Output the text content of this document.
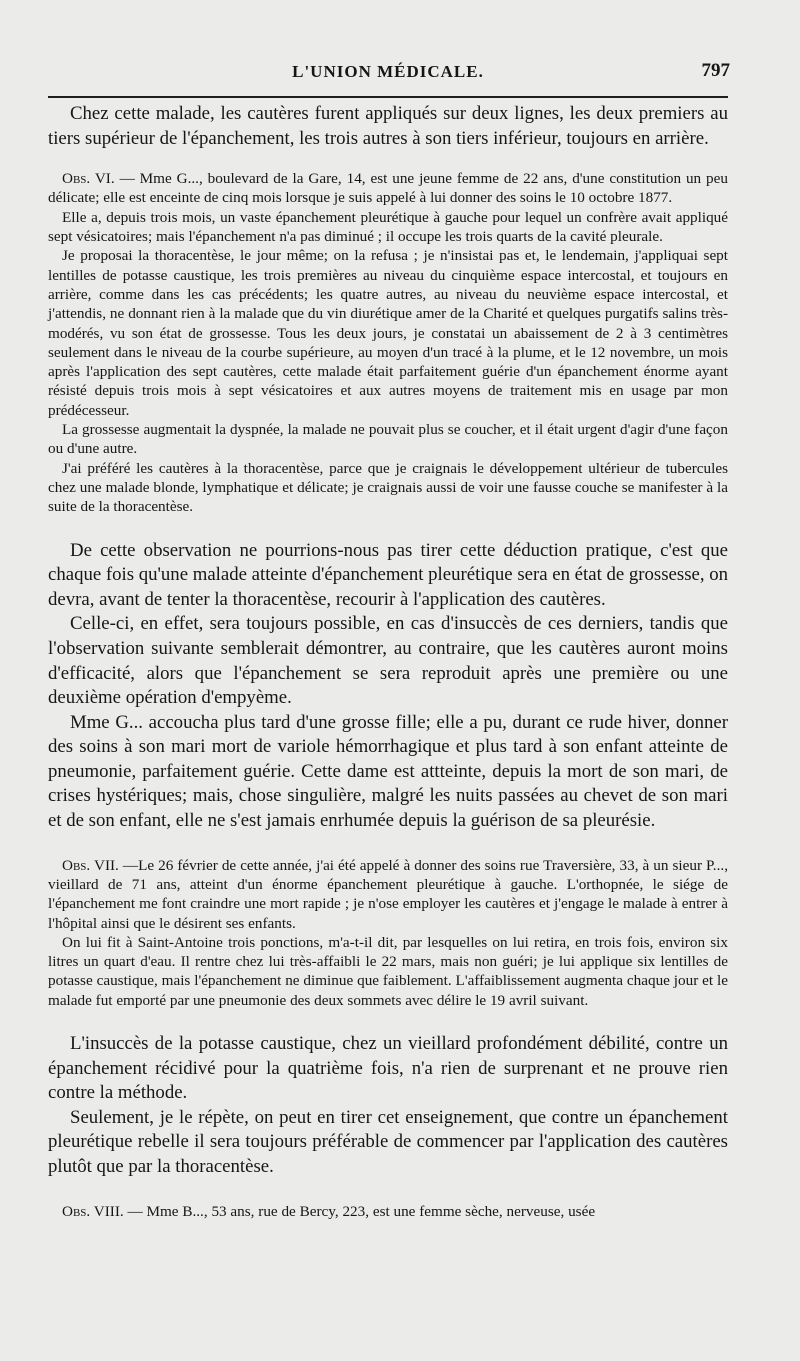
L'UNION MÉDICALE.	797

Chez cette malade, les cautères furent appliqués sur deux lignes, les deux premiers au tiers supérieur de l'épanchement, les trois autres à son tiers inférieur, toujours en arrière.

Obs. VI. — Mme G..., boulevard de la Gare, 14, est une jeune femme de 22 ans, d'une constitution un peu délicate; elle est enceinte de cinq mois lorsque je suis appelé à lui donner des soins le 10 octobre 1877.

Elle a, depuis trois mois, un vaste épanchement pleurétique à gauche pour lequel un confrère avait appliqué sept vésicatoires; mais l'épanchement n'a pas diminué ; il occupe les trois quarts de la cavité pleurale.

Je proposai la thoracentèse, le jour même; on la refusa ; je n'insistai pas et, le lendemain, j'appliquai sept lentilles de potasse caustique, les trois premières au niveau du cinquième espace intercostal, et toujours en arrière, comme dans les cas précédents; les quatre autres, au niveau du neuvième espace intercostal, et j'attendis, ne donnant rien à la malade que du vin diurétique amer de la Charité et quelques purgatifs salins très-modérés, vu son état de grossesse. Tous les deux jours, je constatai un abaissement de 2 à 3 centimètres seulement dans le niveau de la courbe supérieure, au moyen d'un tracé à la plume, et le 12 novembre, un mois après l'application des sept cautères, cette malade était parfaitement guérie d'un épanchement énorme ayant résisté depuis trois mois à sept vésicatoires et aux autres moyens de traitement mis en usage par mon prédécesseur.

La grossesse augmentait la dyspnée, la malade ne pouvait plus se coucher, et il était urgent d'agir d'une façon ou d'une autre.

J'ai préféré les cautères à la thoracentèse, parce que je craignais le développement ultérieur de tubercules chez une malade blonde, lymphatique et délicate; je craignais aussi de voir une fausse couche se manifester à la suite de la thoracentèse.

De cette observation ne pourrions-nous pas tirer cette déduction pratique, c'est que chaque fois qu'une malade atteinte d'épanchement pleurétique sera en état de grossesse, on devra, avant de tenter la thoracentèse, recourir à l'application des cautères.

Celle-ci, en effet, sera toujours possible, en cas d'insuccès de ces derniers, tandis que l'observation suivante semblerait démontrer, au contraire, que les cautères auront moins d'efficacité, alors que l'épanchement se sera reproduit après une première ou une deuxième opération d'empyème.

Mme G... accoucha plus tard d'une grosse fille; elle a pu, durant ce rude hiver, donner des soins à son mari mort de variole hémorrhagique et plus tard à son enfant atteinte de pneumonie, parfaitement guérie. Cette dame est attteinte, depuis la mort de son mari, de crises hystériques; mais, chose singulière, malgré les nuits passées au chevet de son mari et de son enfant, elle ne s'est jamais enrhumée depuis la guérison de sa pleurésie.

Obs. VII. —Le 26 février de cette année, j'ai été appelé à donner des soins rue Traversière, 33, à un sieur P..., vieillard de 71 ans, atteint d'un énorme épanchement pleurétique à gauche. L'orthopnée, le siége de l'épanchement me font craindre une mort rapide ; je n'ose employer les cautères et j'engage le malade à entrer à l'hôpital ainsi que le désirent ses enfants.

On lui fit à Saint-Antoine trois ponctions, m'a-t-il dit, par lesquelles on lui retira, en trois fois, environ six litres un quart d'eau. Il rentre chez lui très-affaibli le 22 mars, mais non guéri; je lui applique six lentilles de potasse caustique, mais l'épanchement ne diminue que faiblement. L'affaiblissement augmenta chaque jour et le malade fut emporté par une pneumonie des deux sommets avec délire le 19 avril suivant.

L'insuccès de la potasse caustique, chez un vieillard profondément débilité, contre un épanchement récidivé pour la quatrième fois, n'a rien de surprenant et ne prouve rien contre la méthode.

Seulement, je le répète, on peut en tirer cet enseignement, que contre un épanchement pleurétique rebelle il sera toujours préférable de commencer par l'application des cautères plutôt que par la thoracentèse.

Obs. VIII. — Mme B..., 53 ans, rue de Bercy, 223, est une femme sèche, nerveuse, usée
